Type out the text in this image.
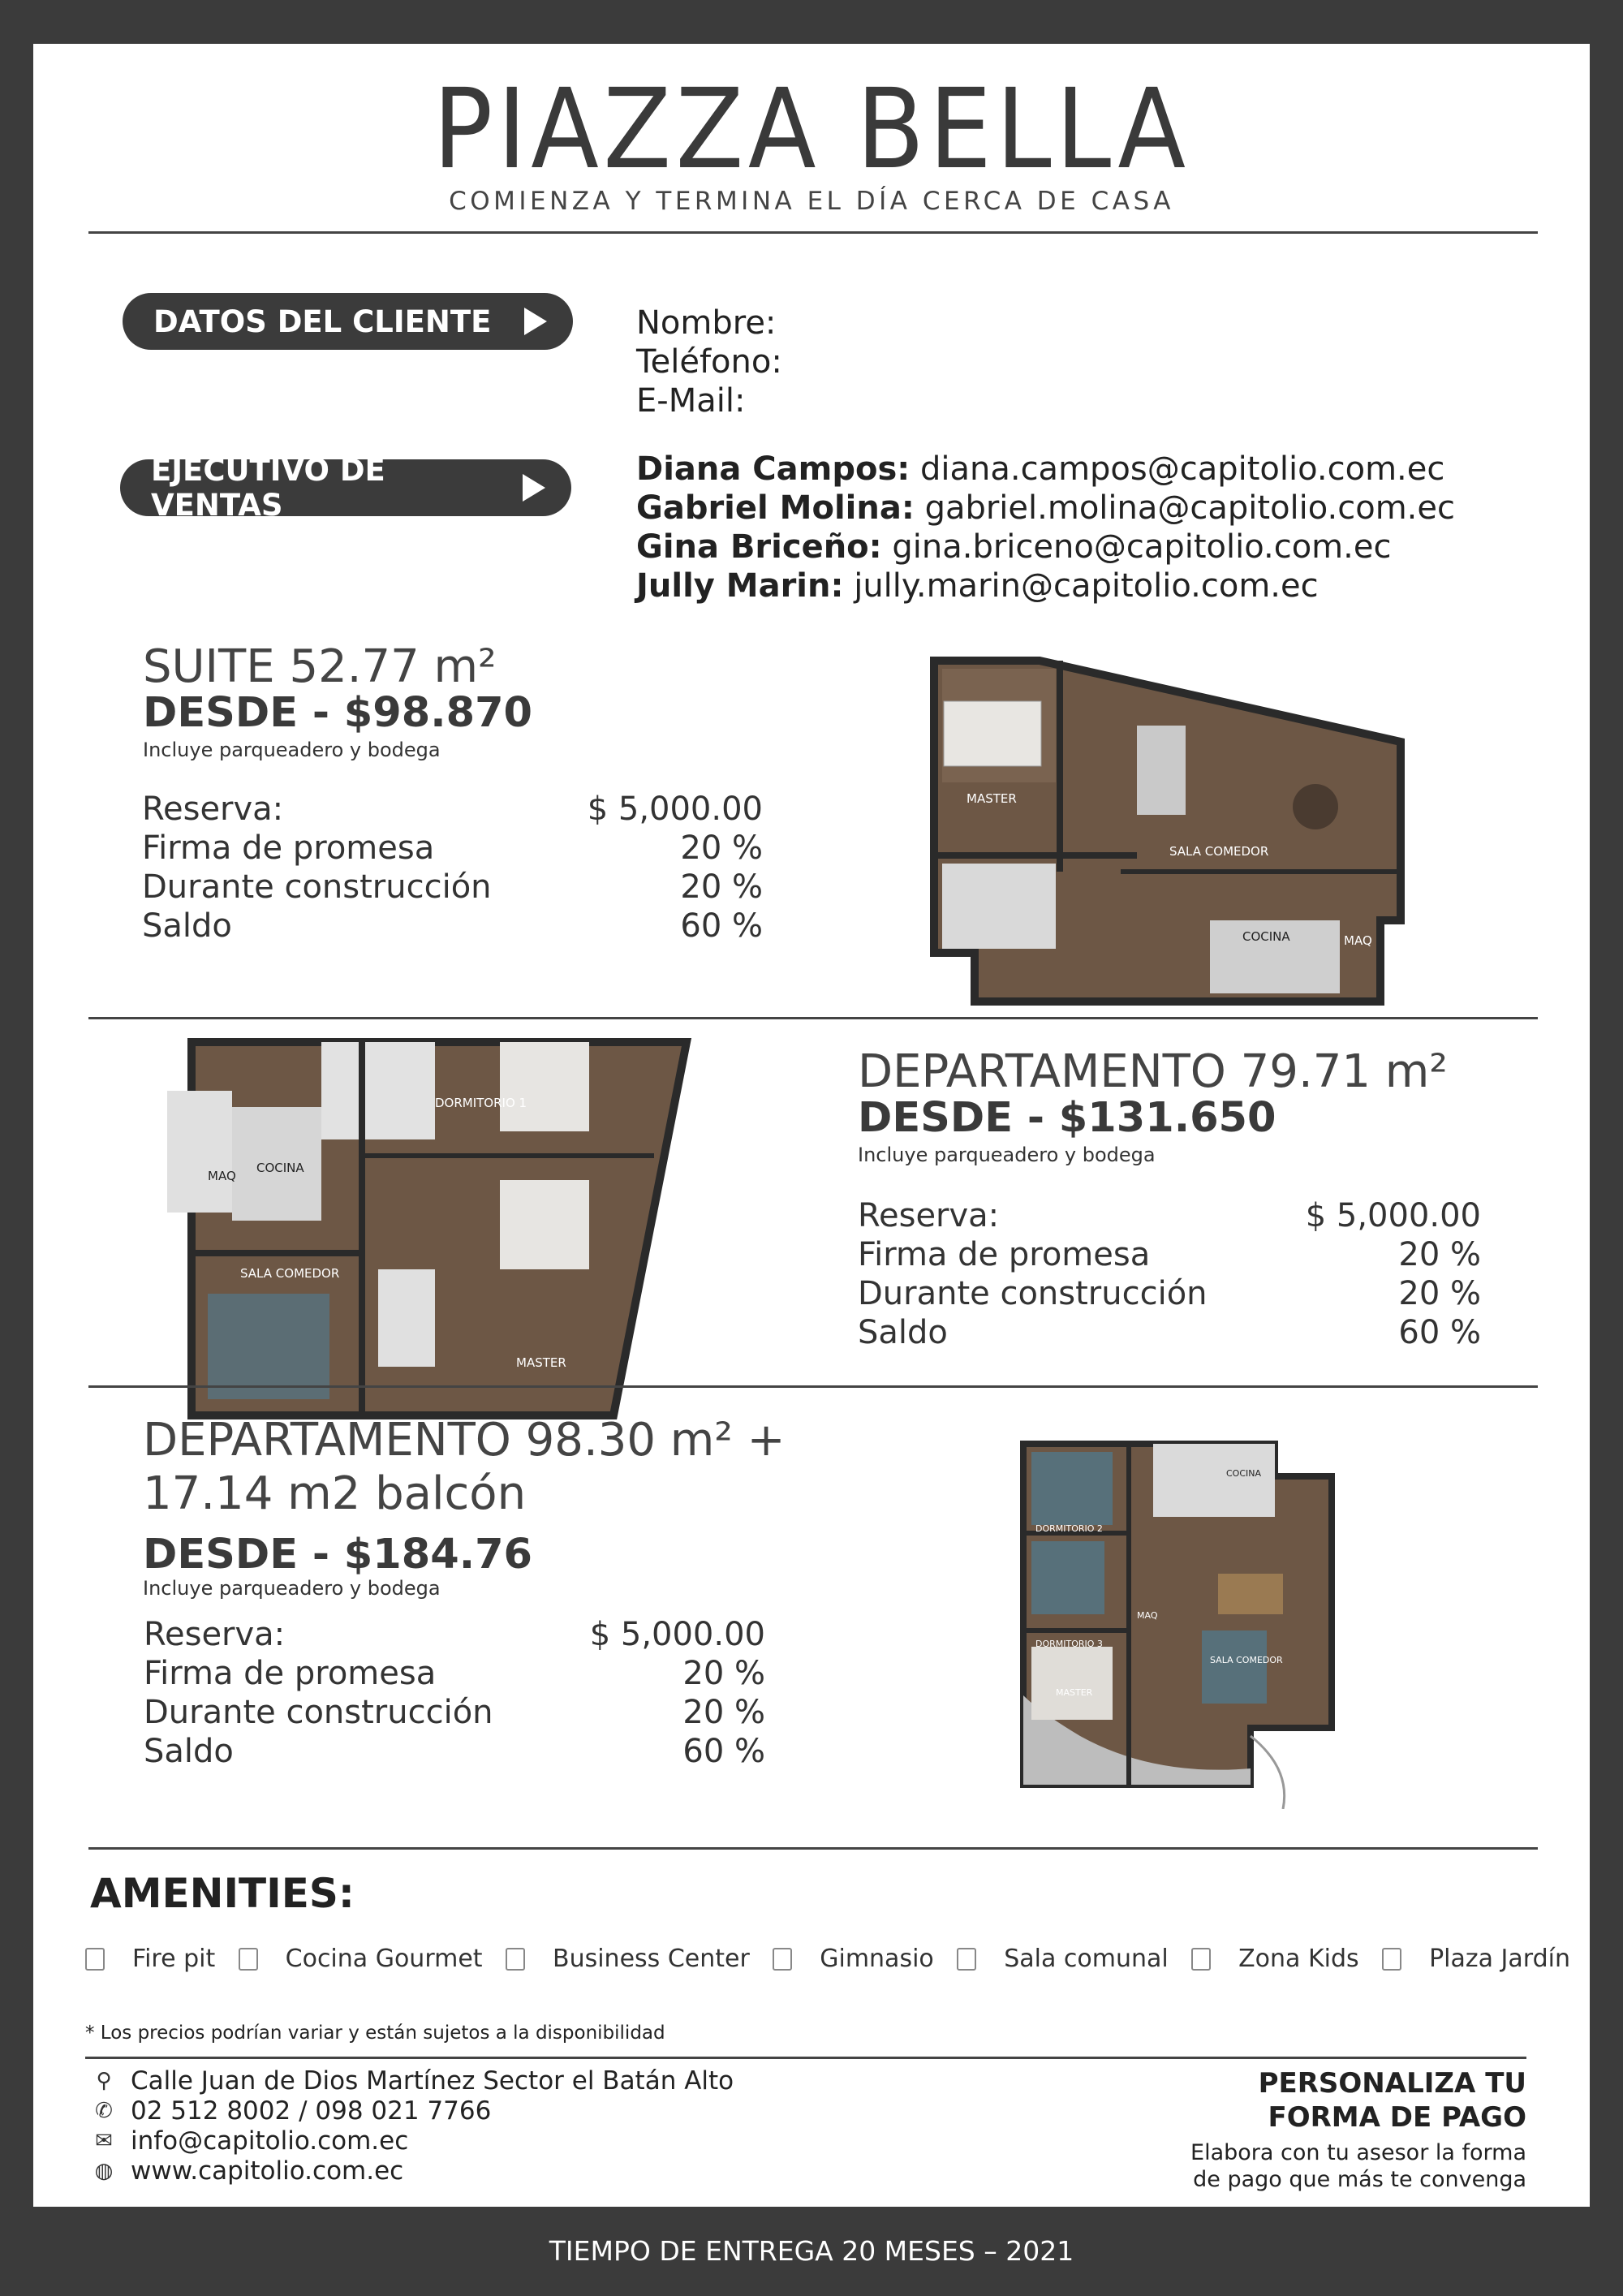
PIAZZA BELLA
COMIENZA Y TERMINA EL DÍA CERCA DE CASA
DATOS DEL CLIENTE	Nombre:
Teléfono:
E-Mail:
EJECUTIVO DE VENTAS
Diana Campos: diana.campos@capitolio.com.ec
Gabriel Molina: gabriel.molina@capitolio.com.ec
Gina Briceño: gina.briceno@capitolio.com.ec
Jully Marin: jully.marin@capitolio.com.ec
SUITE 52.77 m²
DESDE - $98.870
Incluye parqueadero y bodega
Reserva:	$ 5,000.00
Firma de promesa	20 %
Durante construcción	20 %
Saldo	60 %
MASTER
SALA COMEDOR
COCINA	MAQ
MAQ
COCINA
SALA COMEDOR
DORMITORIO 1
MASTER
DEPARTAMENTO 79.71 m²
DESDE - $131.650
Incluye parqueadero y bodega
Reserva:	$ 5,000.00
Firma de promesa	20 %
Durante construcción	20 %
Saldo	60 %
DEPARTAMENTO 98.30 m² +
17.14 m2 balcón
DESDE - $184.76
Incluye parqueadero y bodega
Reserva:	$ 5,000.00
Firma de promesa	20 %
Durante construcción	20 %
Saldo	60 %
DORMITORIO 2
COCINA
DORMITORIO 3
MAQ
SALA COMEDOR
MASTER
AMENITIES:
Fire pit	Cocina Gourmet	Business Center	Gimnasio	Sala comunal	Zona Kids	Plaza Jardín
* Los precios podrían variar y están sujetos a la disponibilidad
⚲ Calle Juan de Dios Martínez Sector el Batán Alto
✆ 02 512 8002 / 098 021 7766
✉ info@capitolio.com.ec
◍ www.capitolio.com.ec
PERSONALIZA TU
FORMA DE PAGO
Elabora con tu asesor la forma
de pago que más te convenga
TIEMPO DE ENTREGA 20 MESES – 2021
